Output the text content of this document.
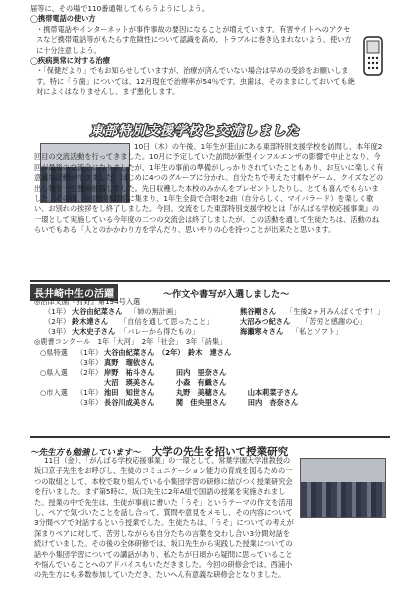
届等に、その場で110番通報してもらうようにしよう。

◯携帯電話の使い方

・携帯電話やインターネットが事件事故の要因になることが増えています。有害サイトへのアクセスなど携帯電話等がもたらす危険性について認識を高め、トラブルに巻き込まれないよう、使い方に十分注意しよう。

◯疾病異常に対する治療

・「保健だより」でもお知らせしていますが、治療が済んでいない場合は早めの受診をお願いします。特に「う歯」については、12月現在で治療率が54％です。虫歯は、そのままにしておいても絶対によくはなりませんし、まず悪化します。

東部特別支援学校と交流しました

10日（木）の午後、1年生が韮山にある東部特別支援学校を訪問し、本年度2回目の交流活動を行ってきました。10月に予定していた訪問が新型インフルエンザの影響で中止となり、今回が最後の交流会になりましたが、1年生の事前の準備がしっかりされていたこともあり、お互いに楽しく有意義な活動ができました。はじめに4つのグループに分かれ、自分たちで考えた寸劇やゲーム、クイズなどの出し物を一生懸命披露しました。先日収穫した本校のみかんをプレゼントしたりし、とても喜んでもらいました。その後、全員が体育館に集まり、1年生全員で合唱を2曲（自分らしく、マイバラード）を楽しく歌い、お別れの挨拶をし終了しました。今回、交流をした東部特別支援学校とは『がんばる学校応援事業』の一環として実施している今年度の二つの交流会は終了しましたが、この活動を通して生徒たちは、活動のねらいでもある「人とのかかわり方を学んだり、思いやりの心を持つことが出来たと思います。

長井崎中生の活躍	～作文や書写が入選しました～

◎沼津文園『狩野』第194号入選

（1年） 大谷由紀菜さん	「姉の無計画」	熊谷剛さん	「生後2ヶ月みんばくです！」
（2年） 鈴木達さん	「自信を通して思ったこと」	大沼みつ紀さん	「苦労と感謝の心」
（3年） 大木史子さん 「バレーから得たもの」	海瀬寒々さん	「私とソフト」

◎鹿書コンクール　1年「大河」　2年「社会」　3年「詩集」

○県特選	（1年） 大谷由紀菜さん　（2年）　鈴木　達さん
（3年） 真野　瑠依さん
○県入選	（2年） 岸野　祐斗さん　　　田内　里奈さん
大沼　瑛美さん　　　小森　有織さん
○市入選	（1年） 池田　知世さん　　　丸野　美穂さん　　　山本莉菜子さん
（3年） 長谷川成美さん　　　関　佳央里さん　　　田内　杏奈さん
～先生方も勉強しています～ 大学の先生を招いて授業研究

11日（金）、「がんばる学校応援事業」の一環として、常葉学園大学准教授の坂口京子先生をお呼びし、生徒のコミュニケーション能力の育成を図るための一つの取組として、本校で取り組んでいる小集団学習の研修に結びつく授業研究会を行いました。まず第5時に、坂口先生に2年A組で国語の授業を実施されました。授業の中で先生は、生徒が事前に書いた「うそ」というテーマの作文を活用し、ペアで気づいたことを話し合って、質問や意見をメモし、その内容について3分間ペアで対話するという授業でした。生徒たちは、「うそ」についての考えが深まりペアに対して、苦労しながらも自分たちの言葉を交わし合い3分間対話を続けていました。その後の全体研修では、坂口先生から実践した授業についての話や小集団学習についての講話があり、私たちが日頃から疑問に思っていることや悩んでいることへのアドバイスもいただきました。今回の研修会では、西浦小の先生方にも多数参加していただき、たいへん有意義な研修会となりました。
